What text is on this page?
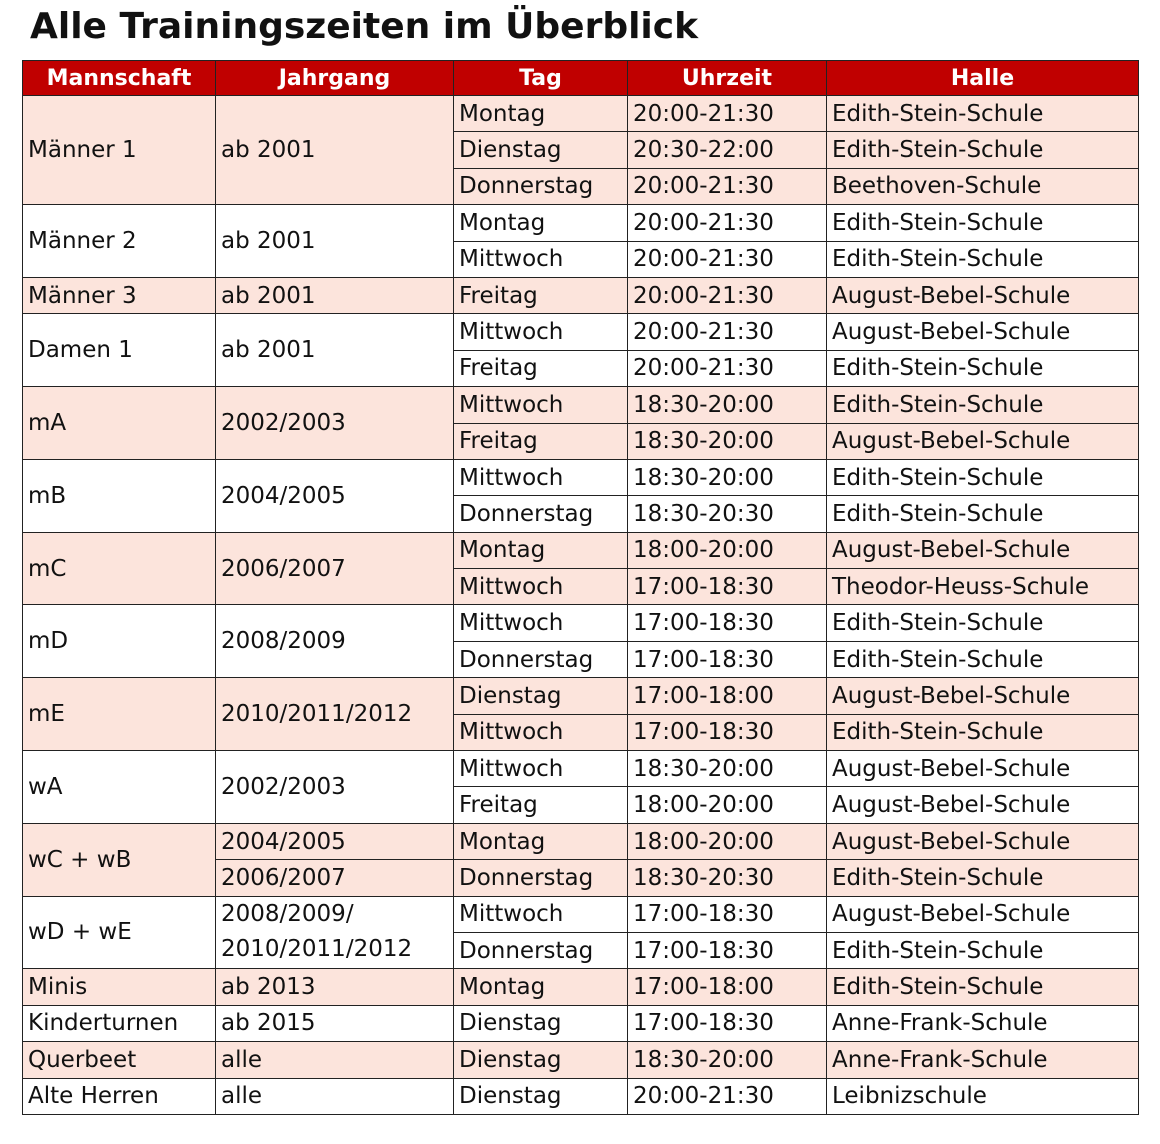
Alle Trainingszeiten im Überblick
Mannschaft	Jahrgang	Tag	Uhrzeit	Halle
Männer 1	ab 2001	Montag	20:00-21:30	Edith-Stein-Schule
		Dienstag	20:30-22:00	Edith-Stein-Schule
		Donnerstag	20:00-21:30	Beethoven-Schule
Männer 2	ab 2001	Montag	20:00-21:30	Edith-Stein-Schule
		Mittwoch	20:00-21:30	Edith-Stein-Schule
Männer 3	ab 2001	Freitag	20:00-21:30	August-Bebel-Schule
Damen 1	ab 2001	Mittwoch	20:00-21:30	August-Bebel-Schule
		Freitag	20:00-21:30	Edith-Stein-Schule
mA	2002/2003	Mittwoch	18:30-20:00	Edith-Stein-Schule
		Freitag	18:30-20:00	August-Bebel-Schule
mB	2004/2005	Mittwoch	18:30-20:00	Edith-Stein-Schule
		Donnerstag	18:30-20:30	Edith-Stein-Schule
mC	2006/2007	Montag	18:00-20:00	August-Bebel-Schule
		Mittwoch	17:00-18:30	Theodor-Heuss-Schule
mD	2008/2009	Mittwoch	17:00-18:30	Edith-Stein-Schule
		Donnerstag	17:00-18:30	Edith-Stein-Schule
mE	2010/2011/2012	Dienstag	17:00-18:00	August-Bebel-Schule
		Mittwoch	17:00-18:30	Edith-Stein-Schule
wA	2002/2003	Mittwoch	18:30-20:00	August-Bebel-Schule
		Freitag	18:00-20:00	August-Bebel-Schule
wC + wB	2004/2005	Montag	18:00-20:00	August-Bebel-Schule
	2006/2007	Donnerstag	18:30-20:30	Edith-Stein-Schule
wD + wE	2008/2009/ 2010/2011/2012	Mittwoch	17:00-18:30	August-Bebel-Schule
		Donnerstag	17:00-18:30	Edith-Stein-Schule
Minis	ab 2013	Montag	17:00-18:00	Edith-Stein-Schule
Kinderturnen	ab 2015	Dienstag	17:00-18:30	Anne-Frank-Schule
Querbeet	alle	Dienstag	18:30-20:00	Anne-Frank-Schule
Alte Herren	alle	Dienstag	20:00-21:30	Leibnizschule
